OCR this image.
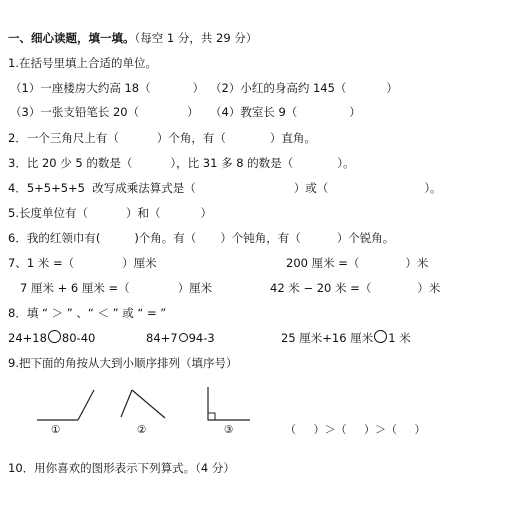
一、细心读题，填一填。（每空 1 分，共 29 分）
1.在括号里填上合适的单位。
（1）一座楼房大约高 18（	） （2）小红的身高约 145（	）
（3）一张支铅笔长 20（	） （4）教室长 9（	）
2．一个三角尺上有（	）个角，有（	）直角。
3．比 20 少 5 的数是（	），比 31 多 8 的数是（	）。
4．5+5+5+5  改写成乘法算式是（	）或（	）。
5.长度单位有（	）和（	）
6．我的红领巾有(	)个角。有（ ）个钝角，有（	）个锐角。
7、1 米 =（	）厘米	200 厘米 =（	）米
7 厘米 + 6 厘米 =（	）厘米	42 米 − 20 米 =（	）米
8．填 “ ＞ ” 、“ ＜ ” 或 “ = ”
24+18 80-40	84+7 94-3	25 厘米+16 厘米 1 米
9.把下面的角按从大到小顺序排列（填序号）
①	②	③	（     ）＞（     ）＞（     ）
10．用你喜欢的图形表示下列算式。（4 分）
